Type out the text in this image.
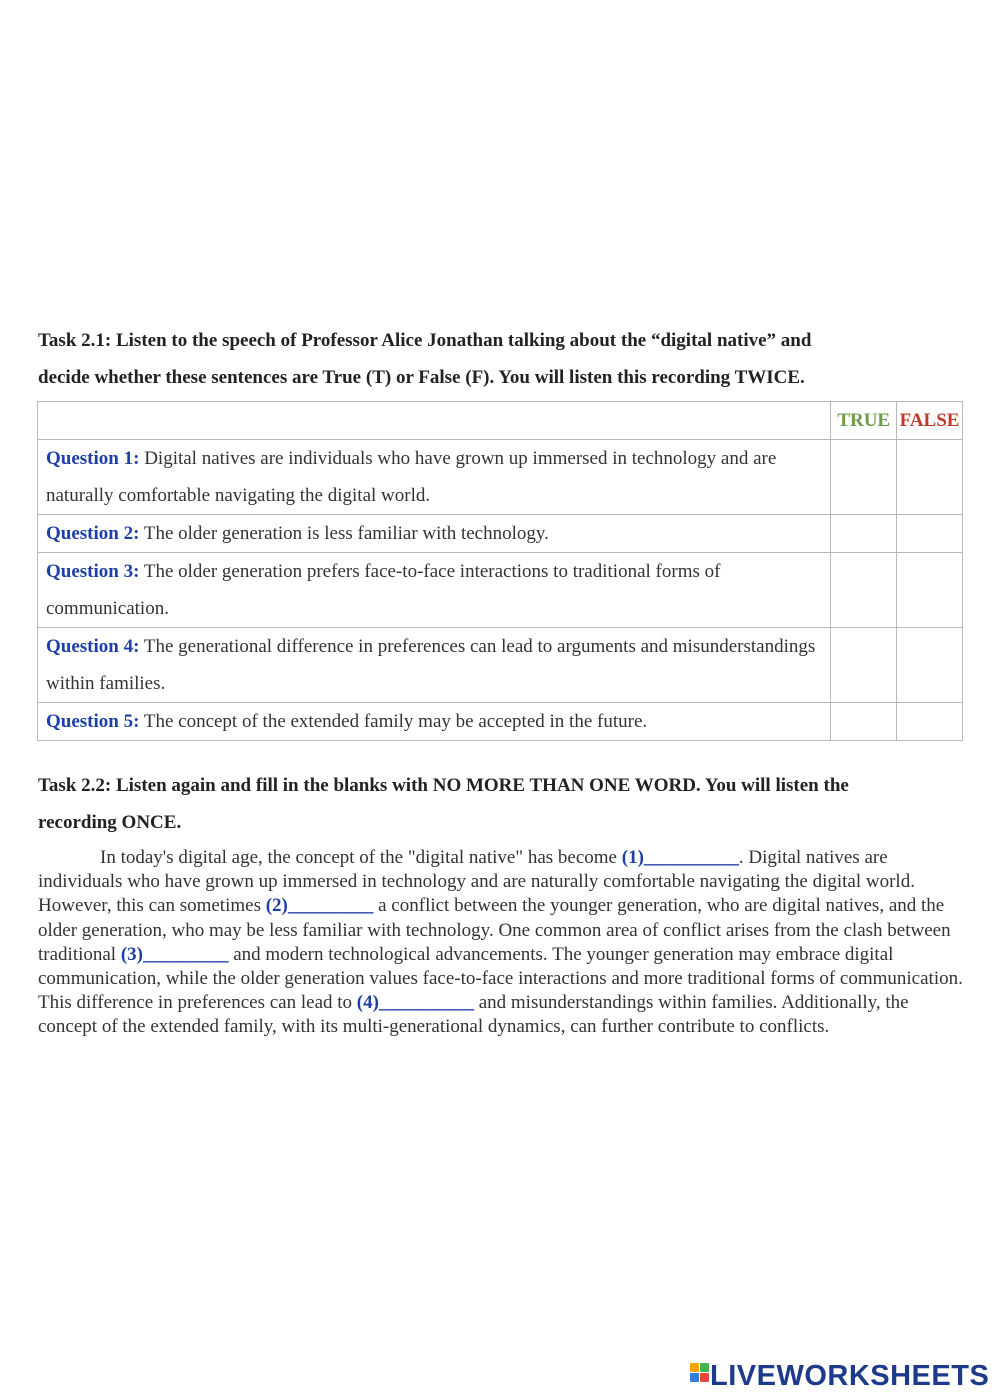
Task 2.1: Listen to the speech of Professor Alice Jonathan talking about the “digital native” and
decide whether these sentences are True (T) or False (F). You will listen this recording TWICE.
	TRUE	FALSE
Question 1: Digital natives are individuals who have grown up immersed in technology and are naturally comfortable navigating the digital world.		
Question 2: The older generation is less familiar with technology.		
Question 3: The older generation prefers face-to-face interactions to traditional forms of communication.		
Question 4: The generational difference in preferences can lead to arguments and misunderstandings within families.		
Question 5: The concept of the extended family may be accepted in the future.		
Task 2.2: Listen again and fill in the blanks with NO MORE THAN ONE WORD. You will listen the
recording ONCE.
In today's digital age, the concept of the "digital native" has become (1)__________. Digital natives are individuals who have grown up immersed in technology and are naturally comfortable navigating the digital world. However, this can sometimes (2)_________ a conflict between the younger generation, who are digital natives, and the older generation, who may be less familiar with technology. One common area of conflict arises from the clash between traditional (3)_________ and modern technological advancements. The younger generation may embrace digital communication, while the older generation values face-to-face interactions and more traditional forms of communication. This difference in preferences can lead to (4)__________ and misunderstandings within families. Additionally, the concept of the extended family, with its multi-generational dynamics, can further contribute to conflicts.
LIVEWORKSHEETS
